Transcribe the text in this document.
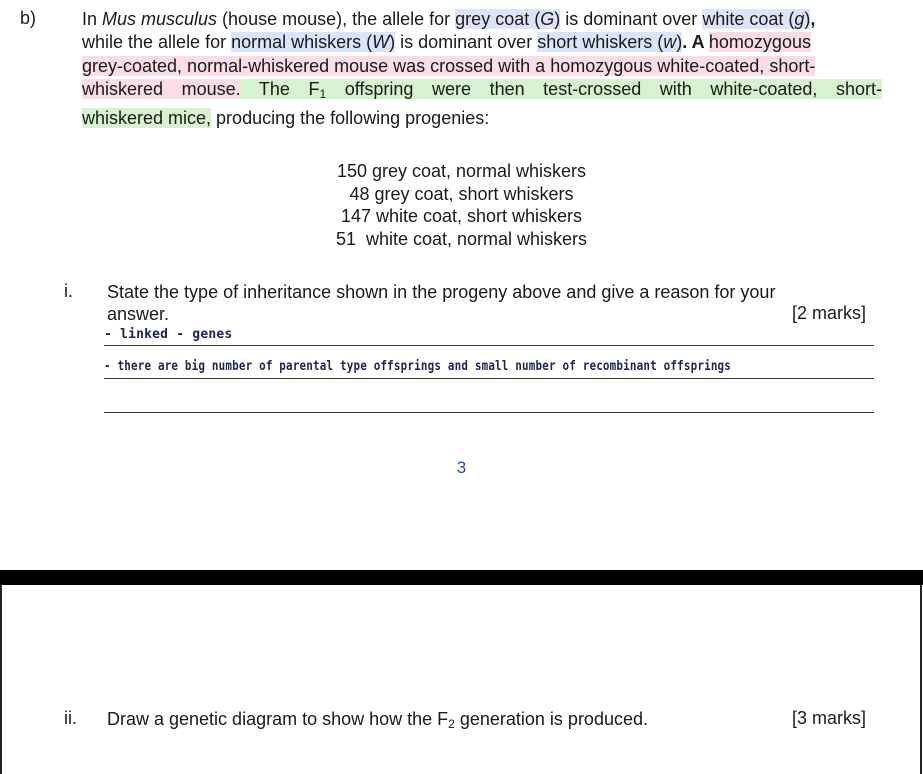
b)	In Mus musculus (house mouse), the allele for grey coat (G) is dominant over white coat (g),
while the allele for normal whiskers (W) is dominant over short whiskers (w). A homozygous
grey-coated, normal-whiskered mouse was crossed with a homozygous white-coated, short-
whiskered mouse. The $F_1$ offspring were then test-crossed with white-coated, short-
whiskered mice, producing the following progenies:
150 grey coat, normal whiskers
48 grey coat, short whiskers
147 white coat, short whiskers
51  white coat, normal whiskers
i. State the type of inheritance shown in the progeny above and give a reason for your
answer.	[2 marks]
- linked - genes
- there are big number of parental type offsprings and small number of recombinant offsprings
3
ii. Draw a genetic diagram to show how the $F_2$ generation is produced.	[3 marks]
